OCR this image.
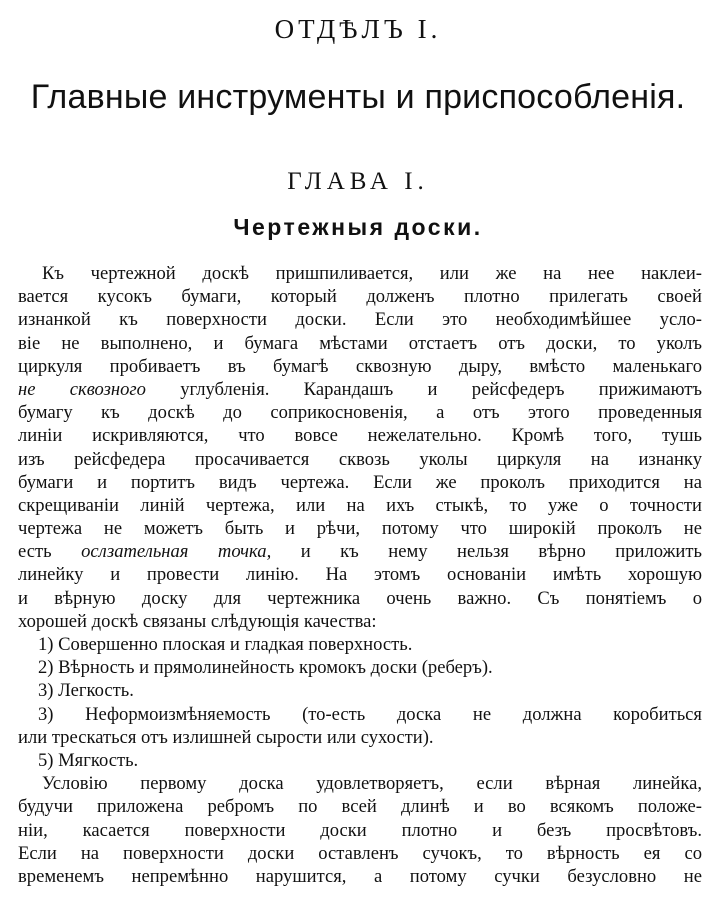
ОТДѢЛЪ I.
Главные инструменты и приспособленія.
ГЛАВА I.
Чертежныя доски.
Къ чертежной доскѣ пришпиливается, или же на нее наклеи-
вается кусокъ бумаги, который долженъ плотно прилегать своей
изнанкой къ поверхности доски. Если это необходимѣйшее усло-
віе не выполнено, и бумага мѣстами отстаетъ отъ доски, то уколъ
циркуля пробиваетъ въ бумагѣ сквозную дыру, вмѣсто маленькаго
не сквозного углубленія. Карандашъ и рейсфедеръ прижимаютъ
бумагу къ доскѣ до соприкосновенія, а отъ этого проведенныя
линіи искривляются, что вовсе нежелательно. Кромѣ того, тушь
изъ рейсфедера просачивается сквозь уколы циркуля на изнанку
бумаги и портитъ видъ чертежа. Если же проколъ приходится на
скрещиваніи линій чертежа, или на ихъ стыкѣ, то уже о точности
чертежа не можетъ быть и рѣчи, потому что широкій проколъ не
есть ослзательная точка, и къ нему нельзя вѣрно приложить
линейку и провести линію. На этомъ основаніи имѣть хорошую
и вѣрную доску для чертежника очень важно. Съ понятіемъ о
хорошей доскѣ связаны слѣдующія качества:
1) Совершенно плоская и гладкая поверхность.
2) Вѣрность и прямолинейность кромокъ доски (реберъ).
3) Легкость.
3) Неформоизмѣняемость (то-есть доска не должна коробиться
или трескаться отъ излишней сырости или сухости).
5) Мягкость.
Условію первому доска удовлетворяетъ, если вѣрная линейка,
будучи приложена ребромъ по всей длинѣ и во всякомъ положе-
ніи, касается поверхности доски плотно и безъ просвѣтовъ.
Если на поверхности доски оставленъ сучокъ, то вѣрность ея со
временемъ непремѣнно нарушится, а потому сучки безусловно не
